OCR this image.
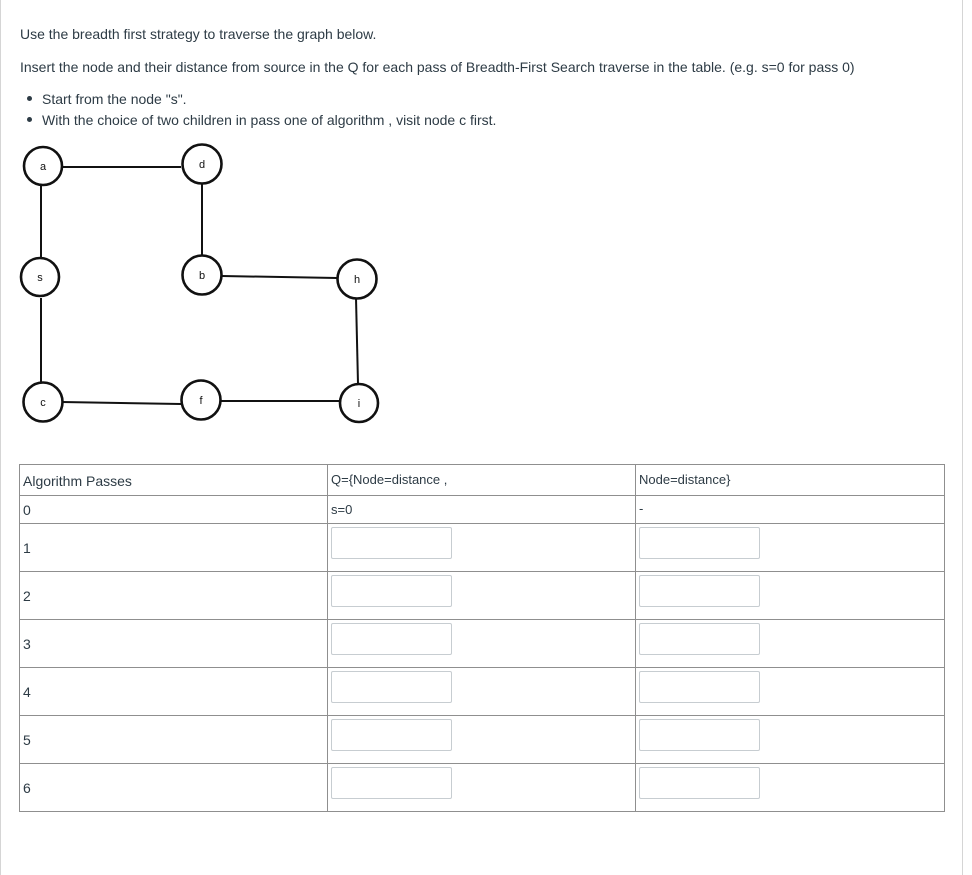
Use the breadth first strategy to traverse the graph below.
Insert the node and their distance from source in the Q for each pass of Breadth-First Search traverse in the table. (e.g. s=0 for pass 0)
Start from the node "s".
With the choice of two children in pass one of algorithm , visit node c first.
a	d
s	b	h
c	f	i
Algorithm Passes	Q={Node=distance ,	Node=distance}

0	s=0	-

1

2

3

4

5

6
